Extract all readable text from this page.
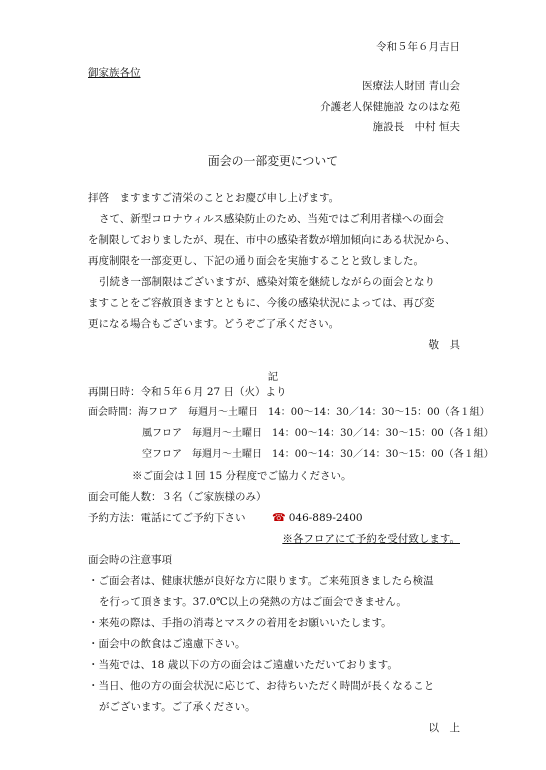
令和５年６月吉日
御家族各位
医療法人財団 青山会
介護老人保健施設 なのはな苑
施設長　中村 恒夫
面会の一部変更について
拝啓　ますますご清栄のこととお慶び申し上げます。
さて、新型コロナウィルス感染防止のため、当苑ではご利用者様への面会
を制限しておりましたが、現在、市中の感染者数が増加傾向にある状況から、
再度制限を一部変更し、下記の通り面会を実施することと致しました。
引続き一部制限はございますが、感染対策を継続しながらの面会となり
ますことをご容赦頂きますとともに、今後の感染状況によっては、再び変
更になる場合もございます。どうぞご了承ください。
敬　具
記
再開日時：令和５年６月 27 日（火）より
面会時間：海フロア　毎週月～土曜日　14：00～14：30／14：30～15：00（各１組）
風フロア　毎週月～土曜日　14：00～14：30／14：30～15：00（各１組）
空フロア　毎週月～土曜日　14：00～14：30／14：30～15：00（各１組）
※ご面会は１回 15 分程度でご協力ください。
面会可能人数：３名（ご家族様のみ）
予約方法：電話にてご予約下さい ☎ 046-889-2400
※各フロアにて予約を受付致します。
面会時の注意事項
・ご面会者は、健康状態が良好な方に限ります。ご来苑頂きましたら検温
を行って頂きます。37.0℃以上の発熱の方はご面会できません。
・来苑の際は、手指の消毒とマスクの着用をお願いいたします。
・面会中の飲食はご遠慮下さい。
・当苑では、18 歳以下の方の面会はご遠慮いただいております。
・当日、他の方の面会状況に応じて、お待ちいただく時間が長くなること
がございます。ご了承ください。
以　上
